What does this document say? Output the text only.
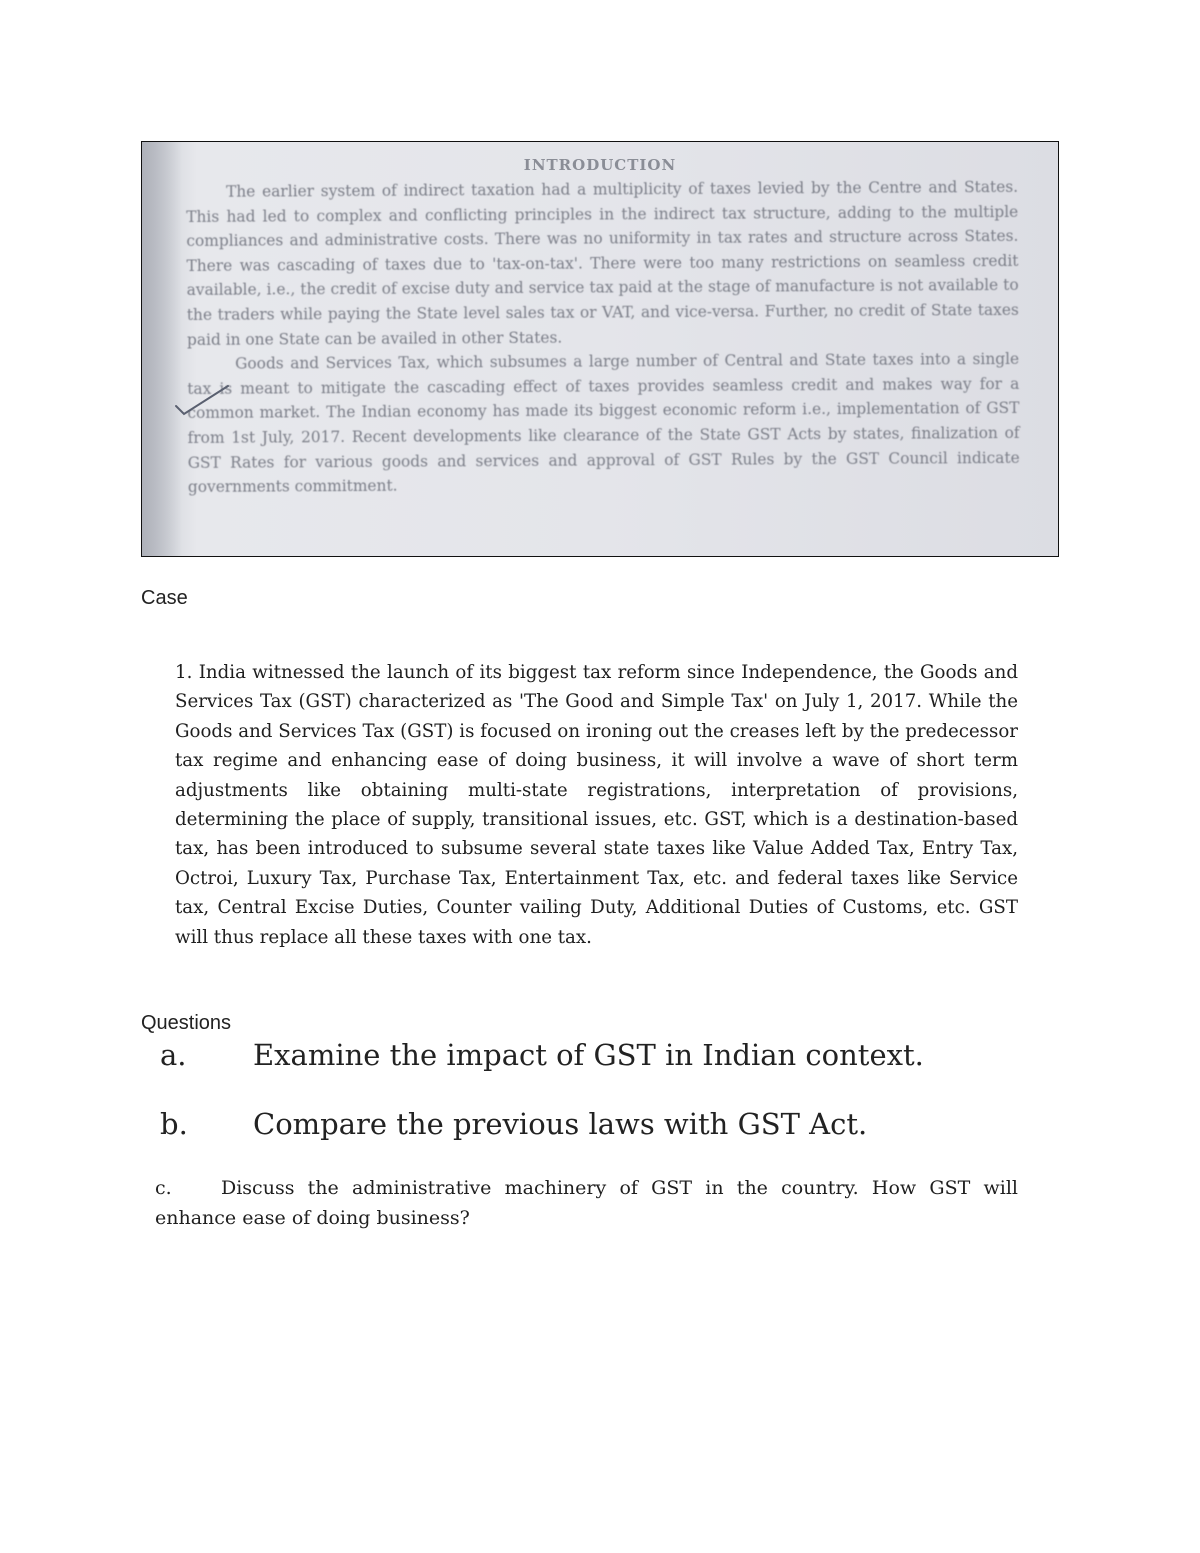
INTRODUCTION

The earlier system of indirect taxation had a multiplicity of taxes levied by the Centre and States. This had led to complex and conflicting principles in the indirect tax structure, adding to the multiple compliances and administrative costs. There was no uniformity in tax rates and structure across States. There was cascading of taxes due to 'tax-on-tax'. There were too many restrictions on seamless credit available, i.e., the credit of excise duty and service tax paid at the stage of manufacture is not available to the traders while paying the State level sales tax or VAT, and vice-versa. Further, no credit of State taxes paid in one State can be availed in other States.

Goods and Services Tax, which subsumes a large number of Central and State taxes into a single tax is meant to mitigate the cascading effect of taxes provides seamless credit and makes way for a common market. The Indian economy has made its biggest economic reform i.e., implementation of GST from 1st July, 2017. Recent developments like clearance of the State GST Acts by states, finalization of GST Rates for various goods and services and approval of GST Rules by the GST Council indicate governments commitment.

Case

1. India witnessed the launch of its biggest tax reform since Independence, the Goods and Services Tax (GST) characterized as 'The Good and Simple Tax' on July 1, 2017. While the Goods and Services Tax (GST) is focused on ironing out the creases left by the predecessor tax regime and enhancing ease of doing business, it will involve a wave of short term adjustments like obtaining multi-state registrations, interpretation of provisions, determining the place of supply, transitional issues, etc. GST, which is a destination-based tax, has been introduced to subsume several state taxes like Value Added Tax, Entry Tax, Octroi, Luxury Tax, Purchase Tax, Entertainment Tax, etc. and federal taxes like Service tax, Central Excise Duties, Counter vailing Duty, Additional Duties of Customs, etc. GST will thus replace all these taxes with one tax.

Questions
a. Examine the impact of GST in Indian context.
b. Compare the previous laws with GST Act.

c.	Discuss the administrative machinery of GST in the country. How GST will enhance ease of doing business?
